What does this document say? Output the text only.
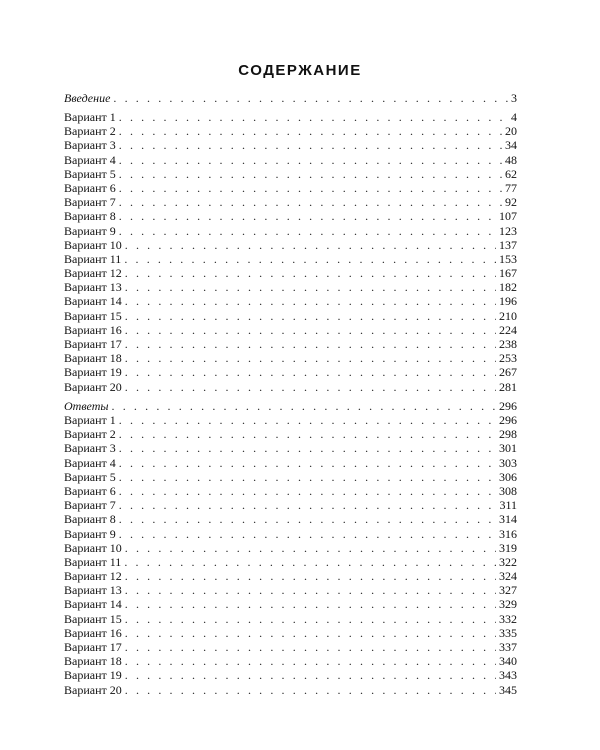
СОДЕРЖАНИЕ
Введение . . .	3
Вариант 1 . . .	4
Вариант 2 . . .	20
Вариант 3 . . .	34
Вариант 4 . . .	48
Вариант 5 . . .	62
Вариант 6 . . .	77
Вариант 7 . . .	92
Вариант 8 . . .	107
Вариант 9 . . .	123
Вариант 10 . . .	137
Вариант 11 . . .	153
Вариант 12 . . .	167
Вариант 13 . . .	182
Вариант 14 . . .	196
Вариант 15 . . .	210
Вариант 16 . . .	224
Вариант 17 . . .	238
Вариант 18 . . .	253
Вариант 19 . . .	267
Вариант 20 . . .	281
Ответы . . .	296
Вариант 1 . . .	296
Вариант 2 . . .	298
Вариант 3 . . .	301
Вариант 4 . . .	303
Вариант 5 . . .	306
Вариант 6 . . .	308
Вариант 7 . . .	311
Вариант 8 . . .	314
Вариант 9 . . .	316
Вариант 10 . . .	319
Вариант 11 . . .	322
Вариант 12 . . .	324
Вариант 13 . . .	327
Вариант 14 . . .	329
Вариант 15 . . .	332
Вариант 16 . . .	335
Вариант 17 . . .	337
Вариант 18 . . .	340
Вариант 19 . . .	343
Вариант 20 . . .	345
